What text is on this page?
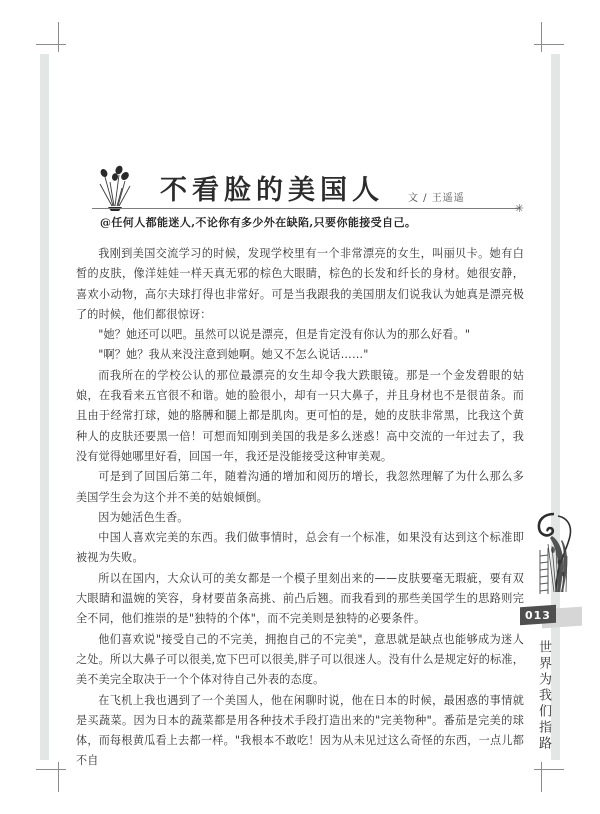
不看脸的美国人 文 / 王遥遥
✳
@任何人都能迷人,不论你有多少外在缺陷,只要你能接受自己。

我刚到美国交流学习的时候，发现学校里有一个非常漂亮的女生，叫丽贝卡。她有白皙的皮肤，像洋娃娃一样天真无邪的棕色大眼睛，棕色的长发和纤长的身材。她很安静，喜欢小动物，高尔夫球打得也非常好。可是当我跟我的美国朋友们说我认为她真是漂亮极了的时候，他们都很惊讶：

"她？她还可以吧。虽然可以说是漂亮，但是肯定没有你认为的那么好看。"

"啊？她？我从来没注意到她啊。她又不怎么说话……"

而我所在的学校公认的那位最漂亮的女生却令我大跌眼镜。那是一个金发碧眼的姑娘，在我看来五官很不和谐。她的脸很小，却有一只大鼻子，并且身材也不是很苗条。而且由于经常打球，她的胳膊和腿上都是肌肉。更可怕的是，她的皮肤非常黑，比我这个黄种人的皮肤还要黑一倍！可想而知刚到美国的我是多么迷惑！高中交流的一年过去了，我没有觉得她哪里好看，回国一年，我还是没能接受这种审美观。

可是到了回国后第二年，随着沟通的增加和阅历的增长，我忽然理解了为什么那么多美国学生会为这个并不美的姑娘倾倒。

因为她活色生香。

中国人喜欢完美的东西。我们做事情时，总会有一个标准，如果没有达到这个标准即被视为失败。

所以在国内，大众认可的美女都是一个模子里刻出来的——皮肤要毫无瑕疵，要有双大眼睛和温婉的笑容，身材要苗条高挑、前凸后翘。而我看到的那些美国学生的思路则完全不同，他们推崇的是"独特的个体"，而不完美则是独特的必要条件。

他们喜欢说"接受自己的不完美，拥抱自己的不完美"，意思就是缺点也能够成为迷人之处。所以大鼻子可以很美,宽下巴可以很美,胖子可以很迷人。没有什么是规定好的标准，美不美完全取决于一个个体对待自己外表的态度。

在飞机上我也遇到了一个美国人，他在闲聊时说，他在日本的时候，最困惑的事情就是买蔬菜。因为日本的蔬菜都是用各种技术手段打造出来的"完美物种"。番茄是完美的球体，而每根黄瓜看上去都一样。"我根本不敢吃！因为从未见过这么奇怪的东西，一点儿都不自

013
世界为我们指路
